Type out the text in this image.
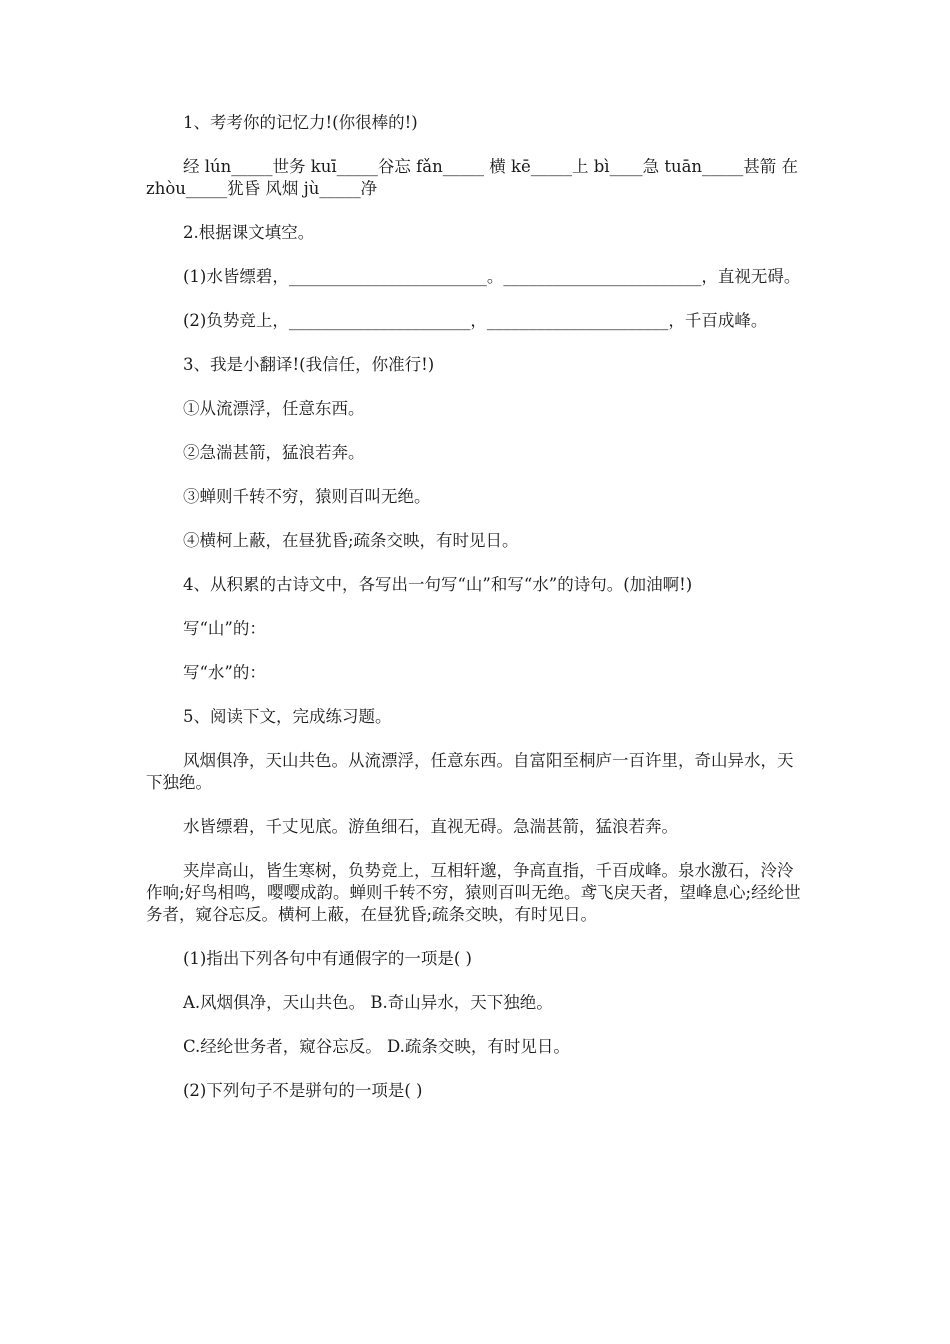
1、考考你的记忆力!(你很棒的!)

经 lún_____世务 kuī_____谷忘 fǎn_____ 横 kē_____上 bì____急 tuān_____甚箭 在 zhòu_____犹昏 风烟 jù_____净

2.根据课文填空。

(1)水皆缥碧，________________________。________________________，直视无碍。

(2)负势竞上，______________________，______________________，千百成峰。

3、我是小翻译!(我信任，你准行!)

①从流漂浮，任意东西。

②急湍甚箭，猛浪若奔。

③蝉则千转不穷，猿则百叫无绝。

④横柯上蔽，在昼犹昏;疏条交映，有时见日。

4、从积累的古诗文中，各写出一句写“山”和写“水”的诗句。(加油啊!)

写“山”的：

写“水”的：

5、阅读下文，完成练习题。

风烟俱净，天山共色。从流漂浮，任意东西。自富阳至桐庐一百许里，奇山异水，天下独绝。

水皆缥碧，千丈见底。游鱼细石，直视无碍。急湍甚箭，猛浪若奔。

夹岸高山，皆生寒树，负势竞上，互相轩邈，争高直指，千百成峰。泉水激石，泠泠作响;好鸟相鸣，嘤嘤成韵。蝉则千转不穷，猿则百叫无绝。鸢飞戾天者，望峰息心;经纶世务者，窥谷忘反。横柯上蔽，在昼犹昏;疏条交映，有时见日。

(1)指出下列各句中有通假字的一项是( )

A.风烟俱净，天山共色。 B.奇山异水，天下独绝。

C.经纶世务者，窥谷忘反。 D.疏条交映，有时见日。

(2)下列句子不是骈句的一项是( )
